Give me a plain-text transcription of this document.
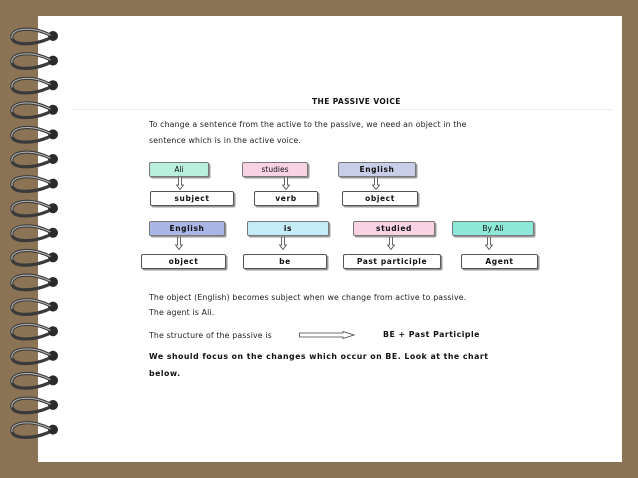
THE PASSIVE VOICE
To change a sentence from the active to the passive, we need an object in the
sentence which is in the active voice.
Ali	studies	English
subject	verb	object
English	is	studied	By Ali
object	be	Past participle	Agent
The object (English) becomes subject when we change from active to passive.
The agent is Ali.
The structure of the passive is	BE + Past Participle
We should focus on the changes which occur on BE. Look at the chart
below.
